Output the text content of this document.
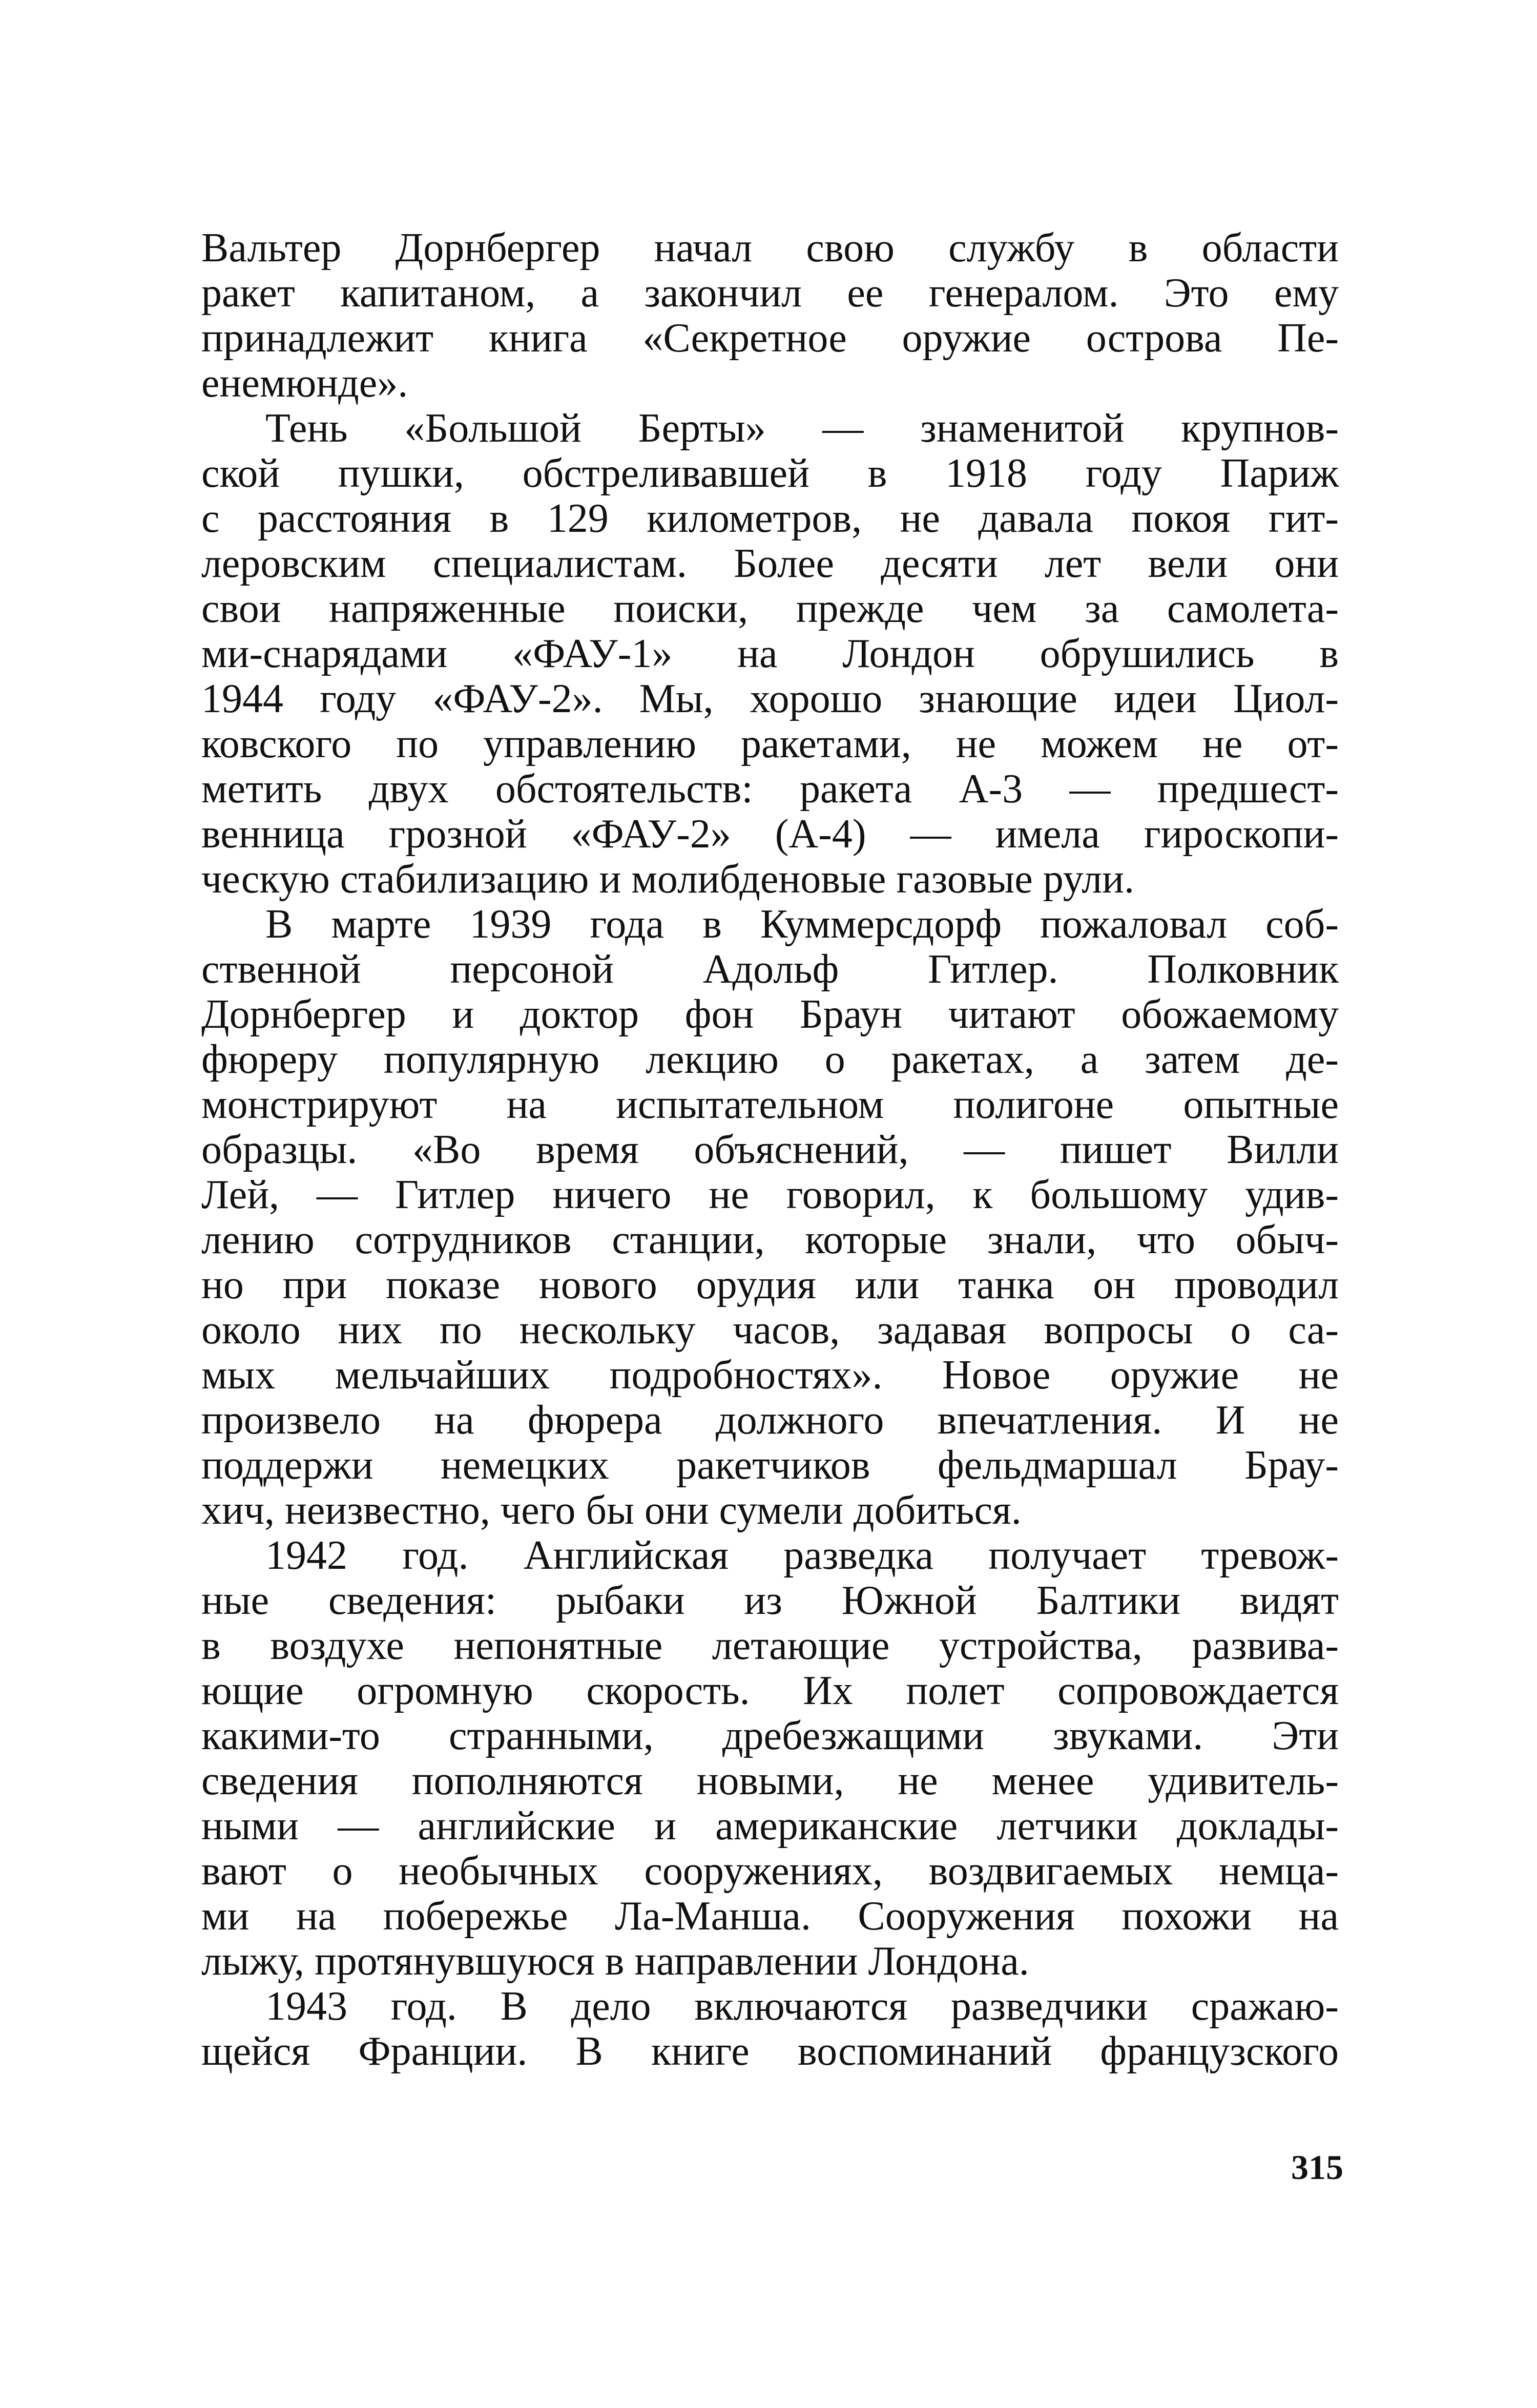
Вальтер Дорнбергер начал свою службу в области
ракет капитаном, а закончил ее генералом. Это ему
принадлежит книга «Секретное оружие острова Пе-
енемюнде».
Тень «Большой Берты» — знаменитой крупнов-
ской пушки, обстреливавшей в 1918 году Париж
с расстояния в 129 километров, не давала покоя гит-
леровским специалистам. Более десяти лет вели они
свои напряженные поиски, прежде чем за самолета-
ми-снарядами «ФАУ-1» на Лондон обрушились в
1944 году «ФАУ-2». Мы, хорошо знающие идеи Циол-
ковского по управлению ракетами, не можем не от-
метить двух обстоятельств: ракета А-3 — предшест-
венница грозной «ФАУ-2» (А-4) — имела гироскопи-
ческую стабилизацию и молибденовые газовые рули.
В марте 1939 года в Куммерсдорф пожаловал соб-
ственной персоной Адольф Гитлер. Полковник
Дорнбергер и доктор фон Браун читают обожаемому
фюреру популярную лекцию о ракетах, а затем де-
монстрируют на испытательном полигоне опытные
образцы. «Во время объяснений, — пишет Вилли
Лей, — Гитлер ничего не говорил, к большому удив-
лению сотрудников станции, которые знали, что обыч-
но при показе нового орудия или танка он проводил
около них по нескольку часов, задавая вопросы о са-
мых мельчайших подробностях». Новое оружие не
произвело на фюрера должного впечатления. И не
поддержи немецких ракетчиков фельдмаршал Брау-
хич, неизвестно, чего бы они сумели добиться.
1942 год. Английская разведка получает тревож-
ные сведения: рыбаки из Южной Балтики видят
в воздухе непонятные летающие устройства, развива-
ющие огромную скорость. Их полет сопровождается
какими-то странными, дребезжащими звуками. Эти
сведения пополняются новыми, не менее удивитель-
ными — английские и американские летчики доклады-
вают о необычных сооружениях, воздвигаемых немца-
ми на побережье Ла-Манша. Сооружения похожи на
лыжу, протянувшуюся в направлении Лондона.
1943 год. В дело включаются разведчики сражаю-
щейся Франции. В книге воспоминаний французского
315
